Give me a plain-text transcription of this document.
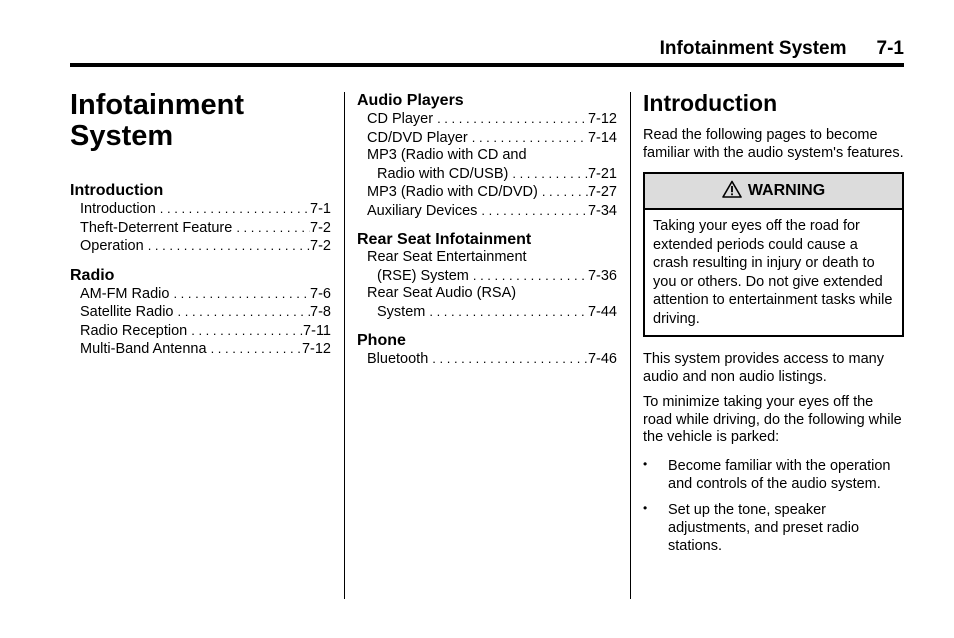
Infotainment System 7-1
Infotainment
System
Introduction
Introduction . . .	7-1
Theft-Deterrent Feature . . .	7-2
Operation . . .	7-2
Radio
AM-FM Radio . . .	7-6
Satellite Radio . . .	7-8
Radio Reception . . .	7-11
Multi-Band Antenna . . .	7-12
Audio Players
CD Player . . .	7-12
CD/DVD Player . . .	7-14
MP3 (Radio with CD and
Radio with CD/USB) . . .	7-21
MP3 (Radio with CD/DVD) . . .	7-27
Auxiliary Devices . . .	7-34
Rear Seat Infotainment
Rear Seat Entertainment
(RSE) System . . .	7-36
Rear Seat Audio (RSA)
System . . .	7-44
Phone
Bluetooth . . .	7-46
Introduction

Read the following pages to become familiar with the audio system's features.

WARNING
Taking your eyes off the road for extended periods could cause a crash resulting in injury or death to you or others. Do not give extended attention to entertainment tasks while driving.

This system provides access to many audio and non audio listings.

To minimize taking your eyes off the road while driving, do the following while the vehicle is parked:

• Become familiar with the operation and controls of the audio system.
• Set up the tone, speaker adjustments, and preset radio stations.
